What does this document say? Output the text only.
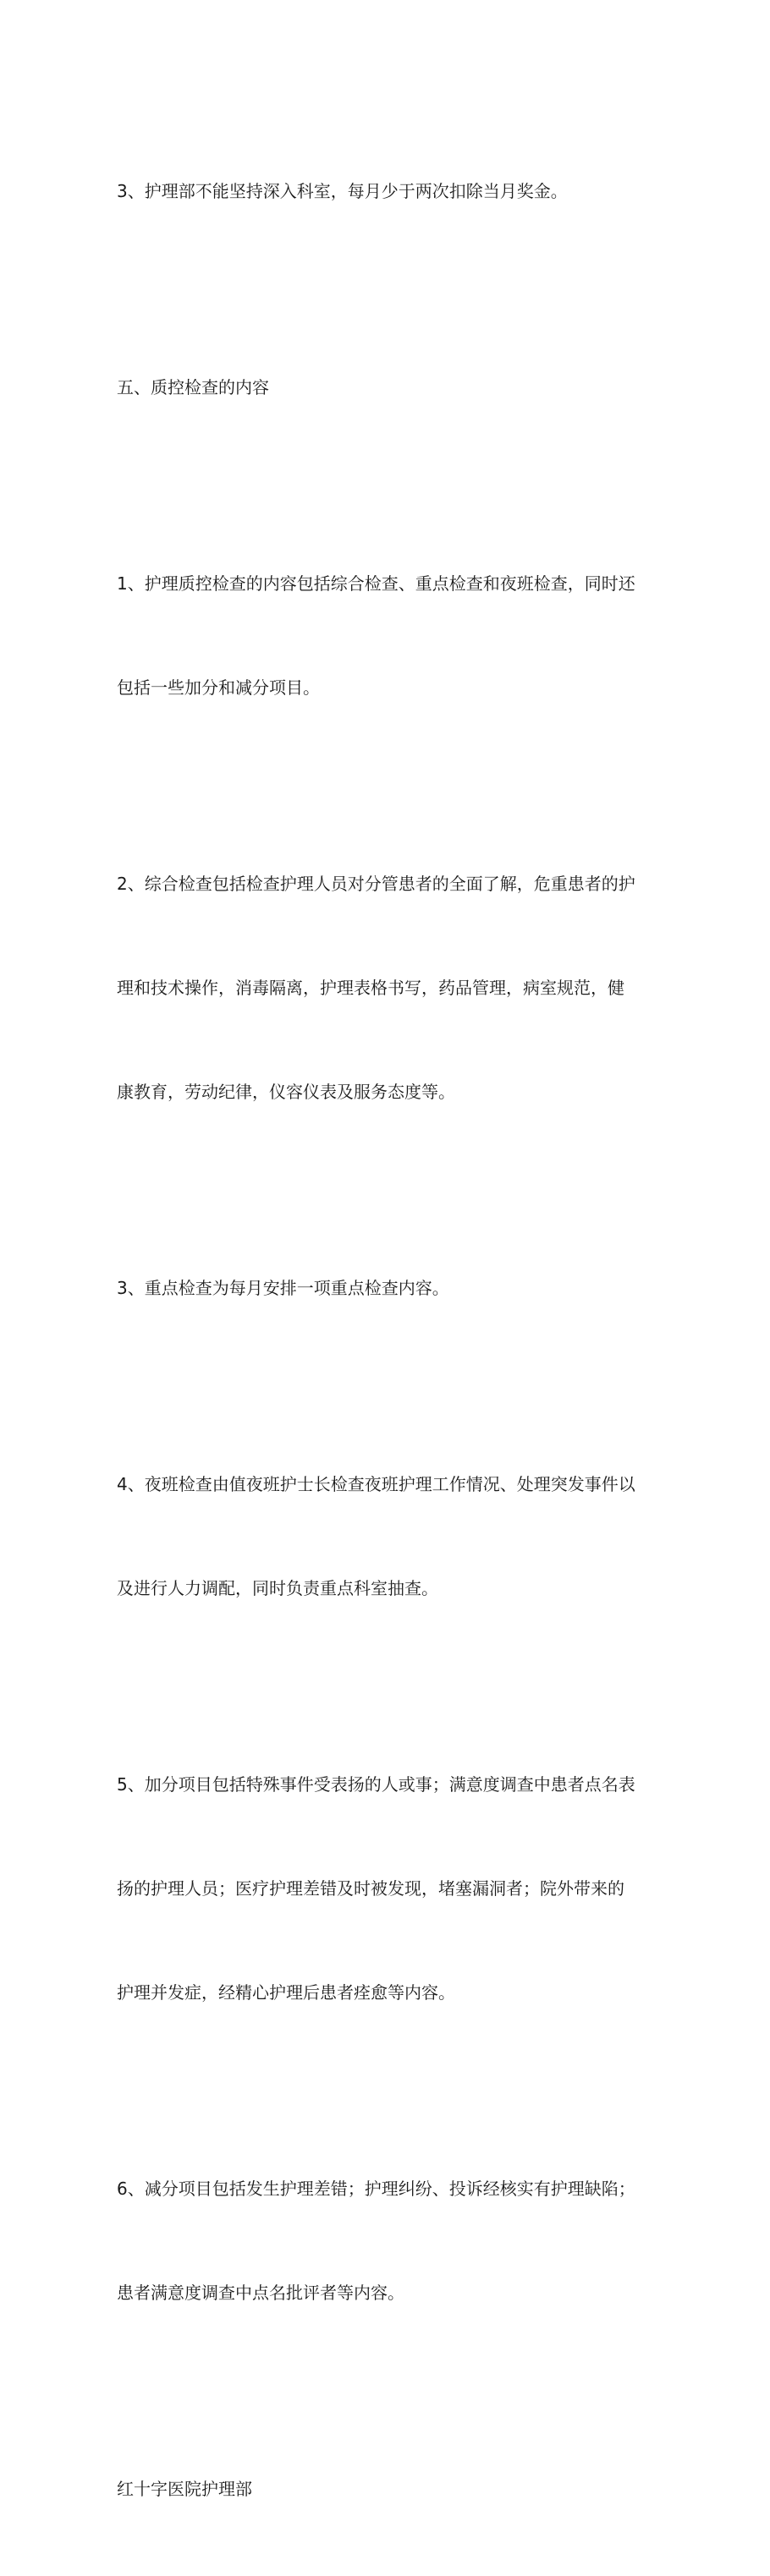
3、护理部不能坚持深入科室，每月少于两次扣除当月奖金。

五、质控检查的内容

1、护理质控检查的内容包括综合检查、重点检查和夜班检查，同时还

包括一些加分和减分项目。

2、综合检查包括检查护理人员对分管患者的全面了解，危重患者的护

理和技术操作，消毒隔离，护理表格书写，药品管理，病室规范，健

康教育，劳动纪律，仪容仪表及服务态度等。

3、重点检查为每月安排一项重点检查内容。

4、夜班检查由值夜班护士长检查夜班护理工作情况、处理突发事件以

及进行人力调配，同时负责重点科室抽查。

5、加分项目包括特殊事件受表扬的人或事；满意度调查中患者点名表

扬的护理人员；医疗护理差错及时被发现，堵塞漏洞者；院外带来的

护理并发症，经精心护理后患者痊愈等内容。

6、减分项目包括发生护理差错；护理纠纷、投诉经核实有护理缺陷；

患者满意度调查中点名批评者等内容。

红十字医院护理部
